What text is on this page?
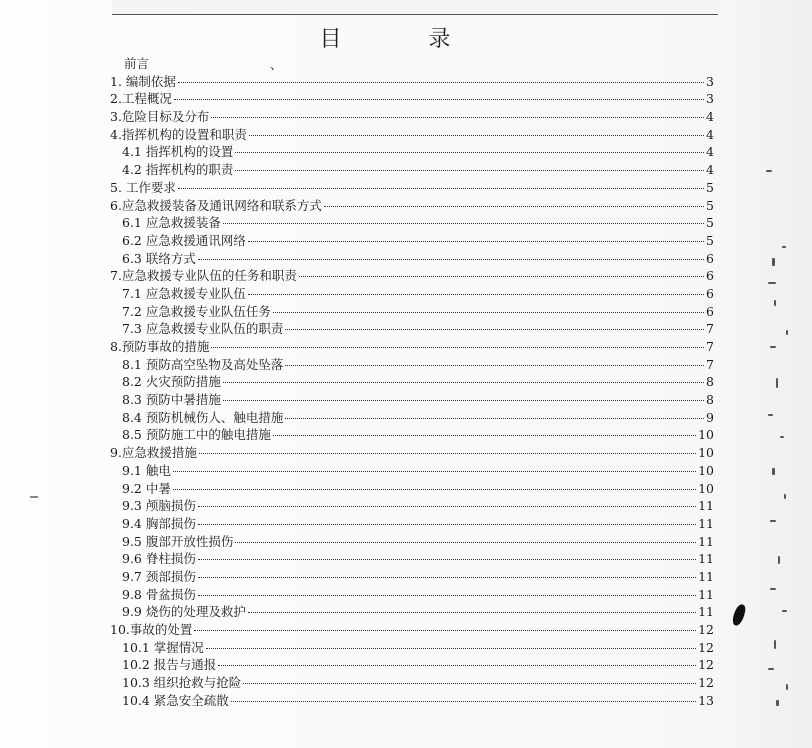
目 录
前言	、
1. 编制依据	3
2.工程概况	3
3.危险目标及分布	4
4.指挥机构的设置和职责	4
4.1 指挥机构的设置	4
4.2 指挥机构的职责	4
5. 工作要求	5
6.应急救援装备及通讯网络和联系方式	5
6.1 应急救援装备	5
6.2 应急救援通讯网络	5
6.3 联络方式	6
7.应急救援专业队伍的任务和职责	6
7.1 应急救援专业队伍	6
7.2 应急救援专业队伍任务	6
7.3 应急救援专业队伍的职责	7
8.预防事故的措施	7
8.1 预防高空坠物及高处坠落	7
8.2 火灾预防措施	8
8.3 预防中暑措施	8
8.4 预防机械伤人、触电措施	9
8.5 预防施工中的触电措施	10
9.应急救援措施	10
9.1 触电	10
9.2 中暑	10
9.3 颅脑损伤	11
9.4 胸部损伤	11
9.5 腹部开放性损伤	11
9.6 脊柱损伤	11
9.7 颈部损伤	11
9.8 骨盆损伤	11
9.9 烧伤的处理及救护	11
10.事故的处置	12
10.1 掌握情况	12
10.2 报告与通报	12
10.3 组织抢救与抢险	12
10.4 紧急安全疏散	13
